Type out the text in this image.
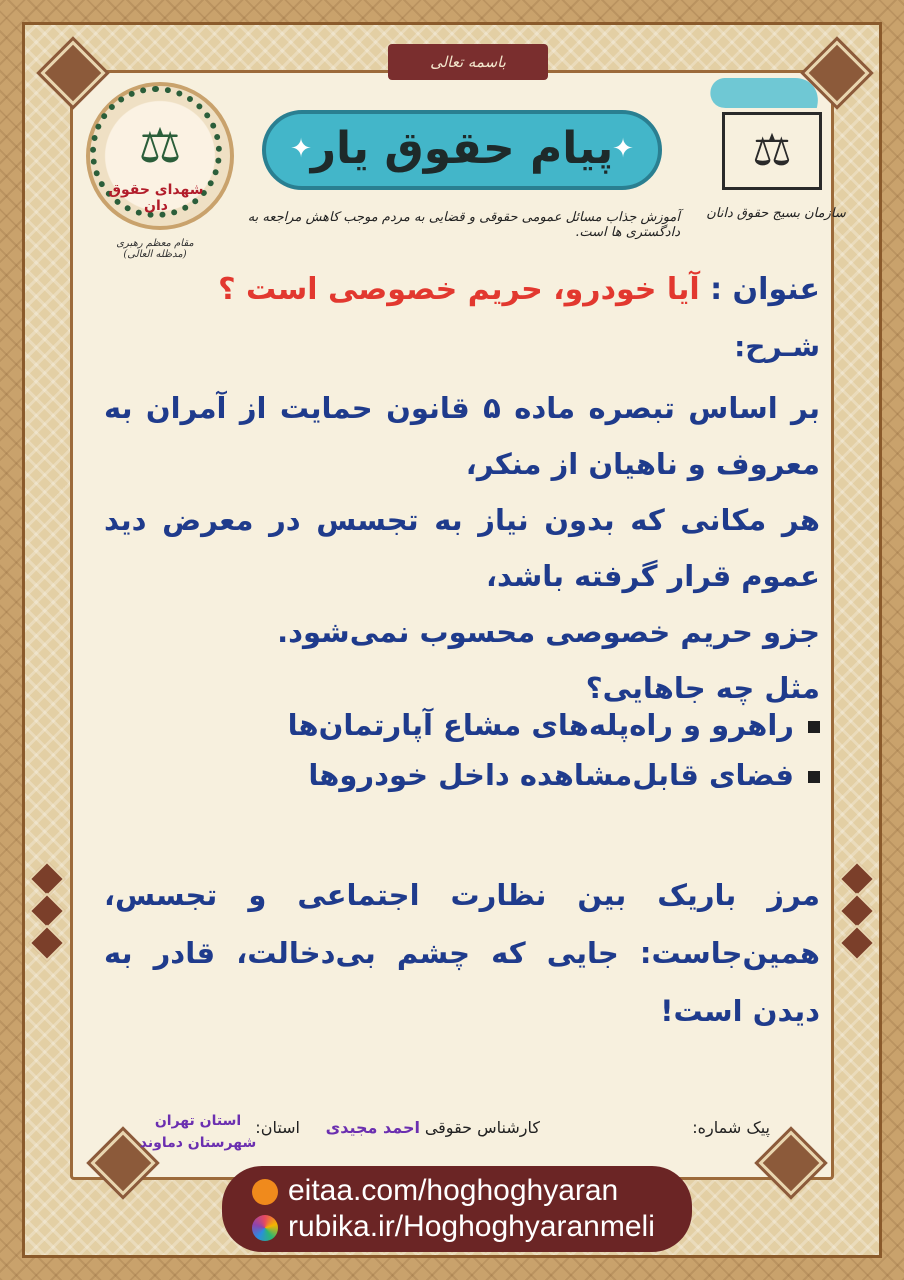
باسمه تعالی
⚖
شهدای حقوق دان
مقام معظم رهبری (مدظله العالی)
✦
پیام حقوق یار
✦
آموزش جذاب مسائل عمومی حقوقی و قضایی به مردم موجب کاهش مراجعه به دادگستری ها است.
⚖
سازمان بسیج حقوق دانان
عنوان : آیا خودرو، حریم خصوصی است ؟
شـرح:

بر اساس تبصره ماده ۵ قانون حمایت از آمران به معروف و ناهیان از منکر،

هر مکانی که بدون نیاز به تجسس در معرض دید عموم قرار گرفته باشد،

جزو حریم خصوصی محسوب نمی‌شود.

مثل چه جاهایی؟

راهرو و راه‌پله‌های مشاع آپارتمان‌ها
فضای قابل‌مشاهده داخل خودروها

مرز باریک بین نظارت اجتماعی و تجسس، همین‌جاست: جایی که چشم بی‌دخالت، قادر به دیدن است!

پیک شماره:
کارشناس حقوقی :
احمد مجیدی
استان:
استان تهران
شهرستان دماوند
eitaa.com/hoghoghyaran
rubika.ir/Hoghoghyaranmeli
